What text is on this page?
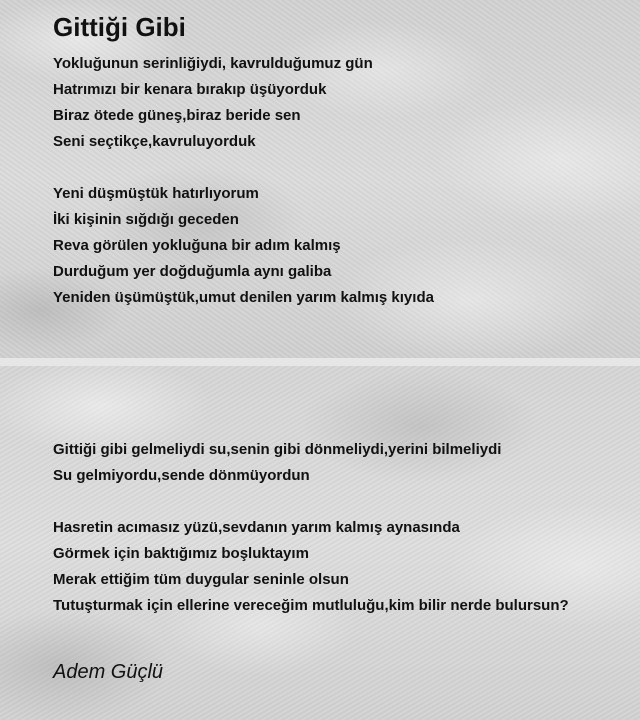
Gittiği Gibi
Yokluğunun serinliğiydi, kavrulduğumuz gün
Hatrımızı bir kenara bırakıp üşüyorduk
Biraz ötede güneş,biraz beride sen
Seni seçtikçe,kavruluyorduk
Yeni düşmüştük hatırlıyorum
İki kişinin sığdığı geceden
Reva görülen yokluğuna bir adım kalmış
Durduğum yer doğduğumla aynı galiba
Yeniden üşümüştük,umut denilen yarım kalmış kıyıda
Gittiği gibi gelmeliydi su,senin gibi dönmeliydi,yerini bilmeliydi
Su gelmiyordu,sende dönmüyordun
Hasretin acımasız yüzü,sevdanın yarım kalmış aynasında
Görmek için baktığımız boşluktayım
Merak ettiğim tüm duygular seninle olsun
Tutuşturmak için ellerine vereceğim mutluluğu,kim bilir nerde bulursun?

Adem Güçlü
